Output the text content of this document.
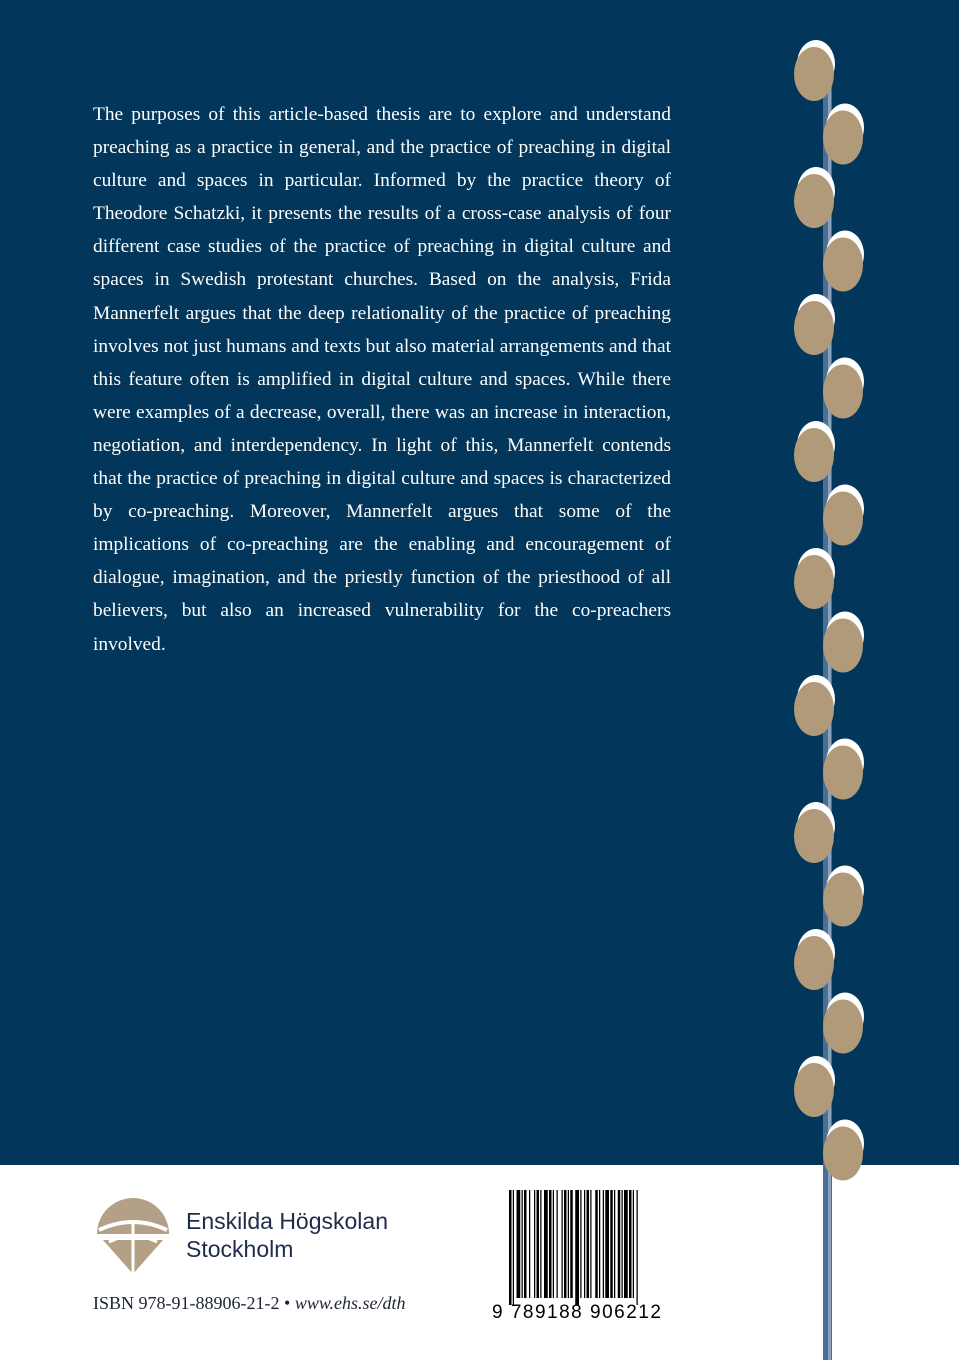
The purposes of this article-based thesis are to explore and understand preaching as a practice in general, and the practice of preaching in digital culture and spaces in particular. Informed by the practice theory of Theodore Schatzki, it presents the results of a cross-case analysis of four different case studies of the practice of preaching in digital culture and spaces in Swedish protestant churches. Based on the analysis, Frida Mannerfelt argues that the deep relationality of the practice of preaching involves not just humans and texts but also material arrangements and that this feature often is amplified in digital culture and spaces. While there were examples of a decrease, overall, there was an increase in interaction, negotiation, and interdependency. In light of this, Mannerfelt contends that the practice of preaching in digital culture and spaces is characterized by co-preaching. Moreover, Mannerfelt argues that some of the implications of co-preaching are the enabling and encouragement of dialogue, imagination, and the priestly function of the priesthood of all believers, but also an increased vulnerability for the co-preachers involved.

Enskilda Högskolan
Stockholm
ISBN 978-91-88906-21-2 • www.ehs.se/dth	9 789188 906212
